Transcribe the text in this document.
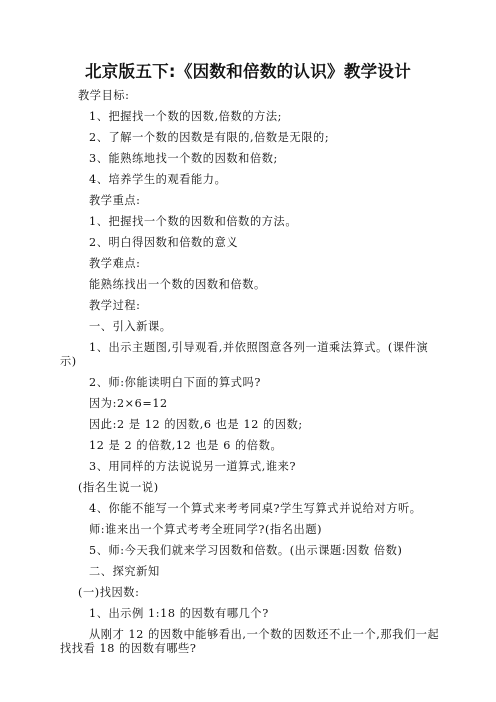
北京版五下:《因数和倍数的认识》教学设计
教学目标:
1、把握找一个数的因数,倍数的方法;
2、了解一个数的因数是有限的,倍数是无限的;
3、能熟练地找一个数的因数和倍数;
4、培养学生的观看能力。
教学重点:
1、把握找一个数的因数和倍数的方法。
2、明白得因数和倍数的意义
教学难点:
能熟练找出一个数的因数和倍数。
教学过程:
一、引入新课。
1、出示主题图,引导观看,并依照图意各列一道乘法算式。(课件演
示)
2、师:你能读明白下面的算式吗?
因为:2×6=12
因此:2 是 12 的因数,6 也是 12 的因数;
12 是 2 的倍数,12 也是 6 的倍数。
3、用同样的方法说说另一道算式,谁来?
(指名生说一说)
4、你能不能写一个算式来考考同桌?学生写算式并说给对方听。
师:谁来出一个算式考考全班同学?(指名出题)
5、师:今天我们就来学习因数和倍数。(出示课题:因数 倍数)
二、探究新知
(一)找因数:
1、出示例 1:18 的因数有哪几个?
从刚才 12 的因数中能够看出,一个数的因数还不止一个,那我们一起
找找看 18 的因数有哪些?
